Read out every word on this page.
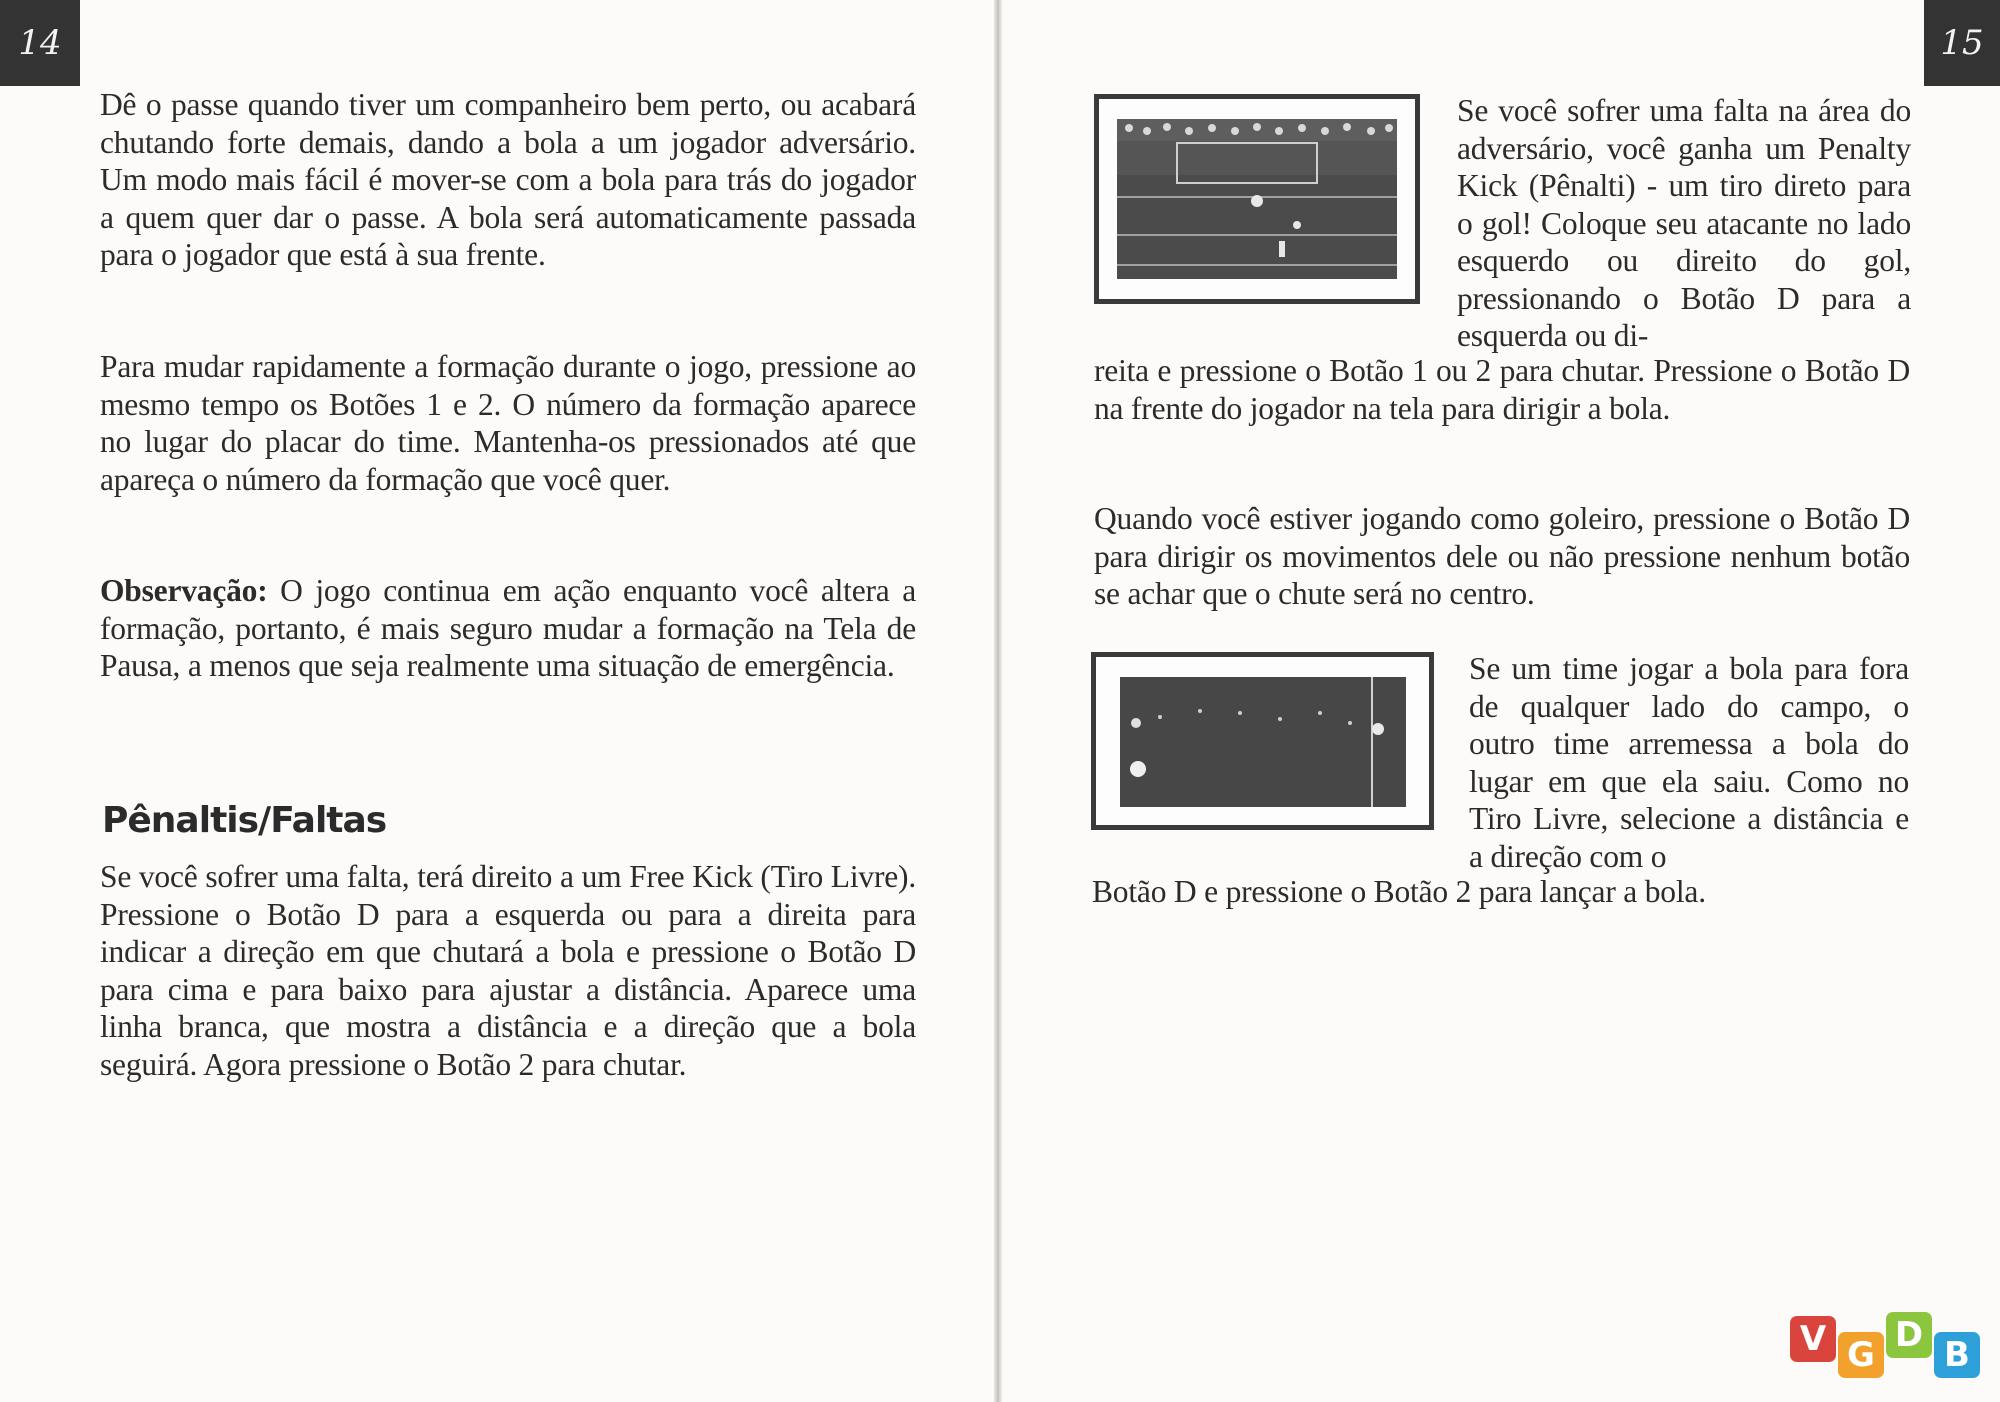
14	15
Dê o passe quando tiver um companheiro bem perto, ou acabará chutando forte demais, dando a bola a um jogador adversário. Um modo mais fácil é mover-se com a bola para trás do jogador a quem quer dar o passe. A bola será automaticamente passada para o jogador que está à sua frente.
Para mudar rapidamente a formação durante o jogo, pressione ao mesmo tempo os Botões 1 e 2. O número da formação aparece no lugar do placar do time. Mantenha-os pressionados até que apareça o número da formação que você quer.
Observação: O jogo continua em ação enquanto você altera a formação, portanto, é mais seguro mudar a formação na Tela de Pausa, a menos que seja realmente uma situação de emergência.
Pênaltis/Faltas
Se você sofrer uma falta, terá direito a um Free Kick (Tiro Livre). Pressione o Botão D para a esquerda ou para a direita para indicar a direção em que chutará a bola e pressione o Botão D para cima e para baixo para ajustar a distância. Aparece uma linha branca, que mostra a distância e a direção que a bola seguirá. Agora pressione o Botão 2 para chutar.
Se você sofrer uma falta na área do adversário, você ganha um Penalty Kick (Pênalti) - um tiro direto para o gol! Coloque seu atacante no lado esquerdo ou direito do gol, pressionando o Botão D para a esquerda ou di-
reita e pressione o Botão 1 ou 2 para chutar. Pressione o Botão D na frente do jogador na tela para dirigir a bola.
Quando você estiver jogando como goleiro, pressione o Botão D para dirigir os movimentos dele ou não pressione nenhum botão se achar que o chute será no centro.
Se um time jogar a bola para fora de qualquer lado do campo, o outro time arremessa a bola do lugar em que ela saiu. Como no Tiro Livre, selecione a distância e a direção com o
Botão D e pressione o Botão 2 para lançar a bola.
V G D B
